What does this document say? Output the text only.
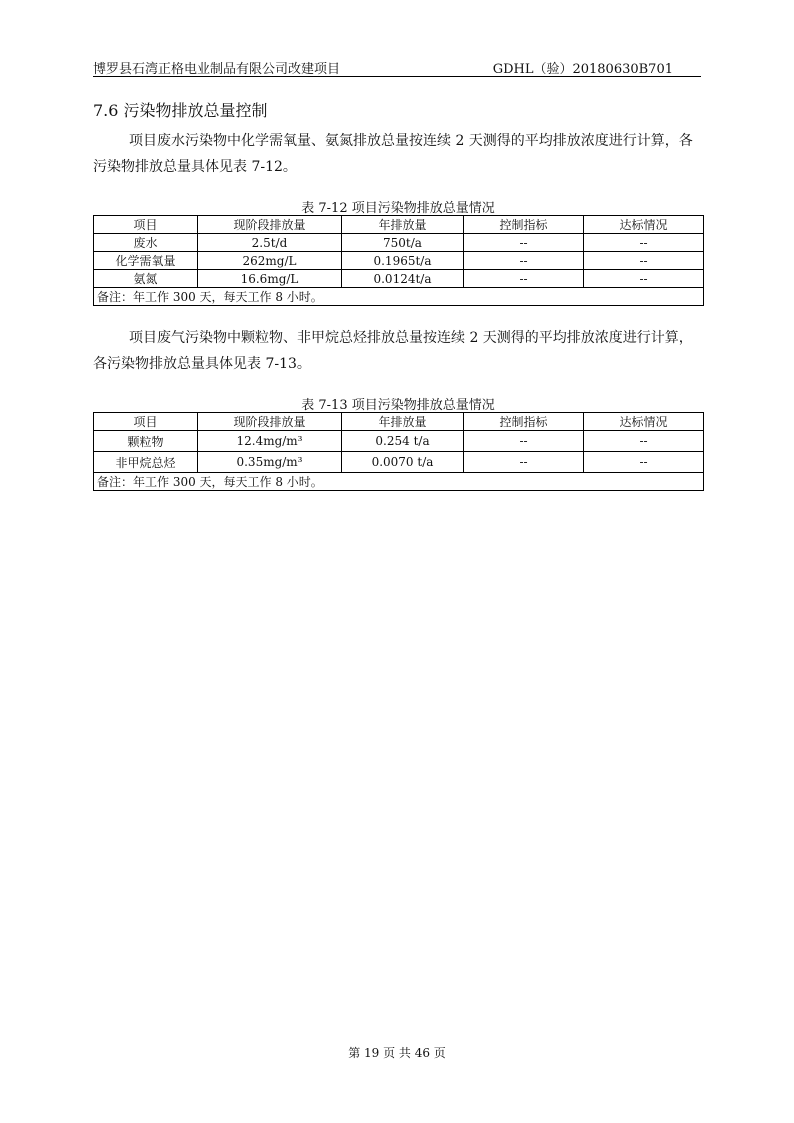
博罗县石湾正格电业制品有限公司改建项目	GDHL（验）20180630B701
7.6 污染物排放总量控制

项目废水污染物中化学需氧量、氨氮排放总量按连续 2 天测得的平均排放浓度进行计算，各污染物排放总量具体见表 7-12。

表 7-12 项目污染物排放总量情况
项目	现阶段排放量	年排放量	控制指标	达标情况
废水	2.5t/d	750t/a	--	--
化学需氧量	262mg/L	0.1965t/a	--	--
氨氮	16.6mg/L	0.0124t/a	--	--
备注：年工作 300 天，每天工作 8 小时。				

项目废气污染物中颗粒物、非甲烷总烃排放总量按连续 2 天测得的平均排放浓度进行计算，各污染物排放总量具体见表 7-13。

表 7-13 项目污染物排放总量情况
项目	现阶段排放量	年排放量	控制指标	达标情况
颗粒物	12.4mg/m³	0.254 t/a	--	--
非甲烷总烃	0.35mg/m³	0.0070 t/a	--	--
备注：年工作 300 天，每天工作 8 小时。				
第 19 页 共 46 页
